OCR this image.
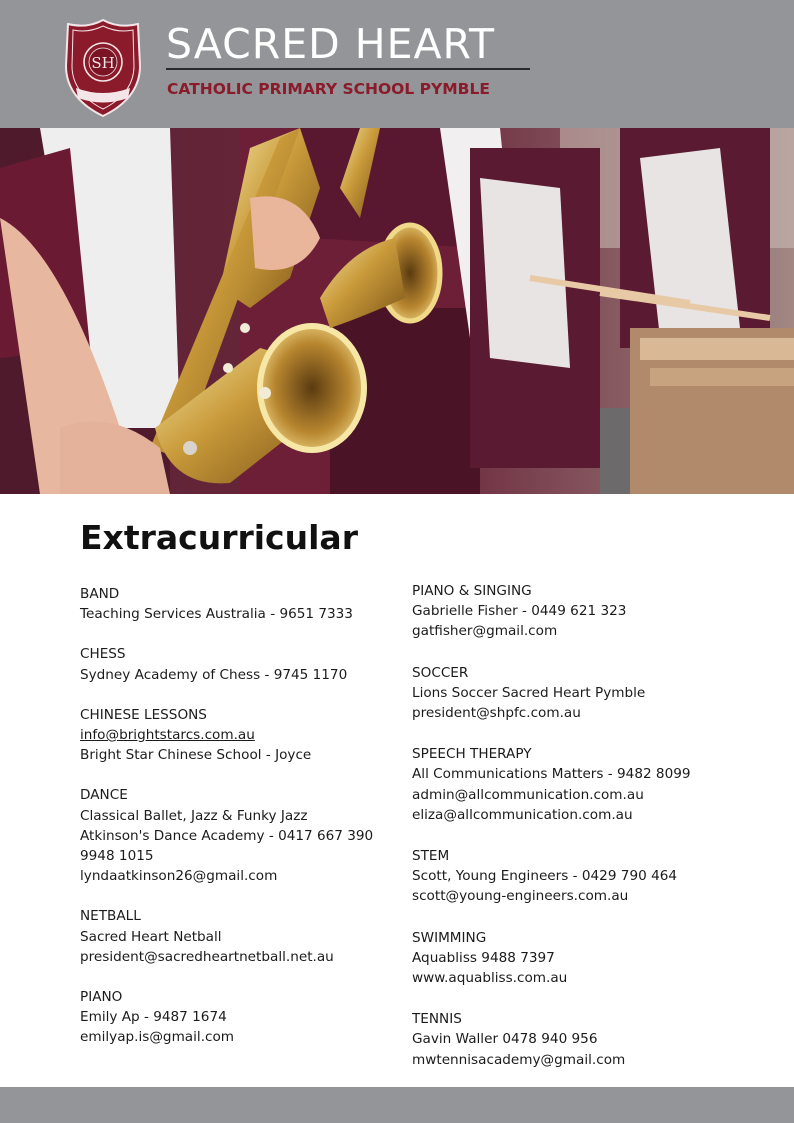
SH SACRED HEART
CATHOLIC PRIMARY SCHOOL PYMBLE
Extracurricular
BAND
Teaching Services Australia - 9651 7333
CHESS
Sydney Academy of Chess - 9745 1170
CHINESE LESSONS
info@brightstarcs.com.au
Bright Star Chinese School - Joyce
DANCE
Classical Ballet, Jazz & Funky Jazz
Atkinson's Dance Academy - 0417 667 390
9948 1015
lyndaatkinson26@gmail.com
NETBALL
Sacred Heart Netball
president@sacredheartnetball.net.au
PIANO
Emily Ap - 9487 1674
emilyap.is@gmail.com
PIANO & SINGING
Gabrielle Fisher - 0449 621 323
gatfisher@gmail.com
SOCCER
Lions Soccer Sacred Heart Pymble
president@shpfc.com.au
SPEECH THERAPY
All Communications Matters - 9482 8099
admin@allcommunication.com.au
eliza@allcommunication.com.au
STEM
Scott, Young Engineers - 0429 790 464
scott@young-engineers.com.au
SWIMMING
Aquabliss 9488 7397
www.aquabliss.com.au
TENNIS
Gavin Waller 0478 940 956
mwtennisacademy@gmail.com
